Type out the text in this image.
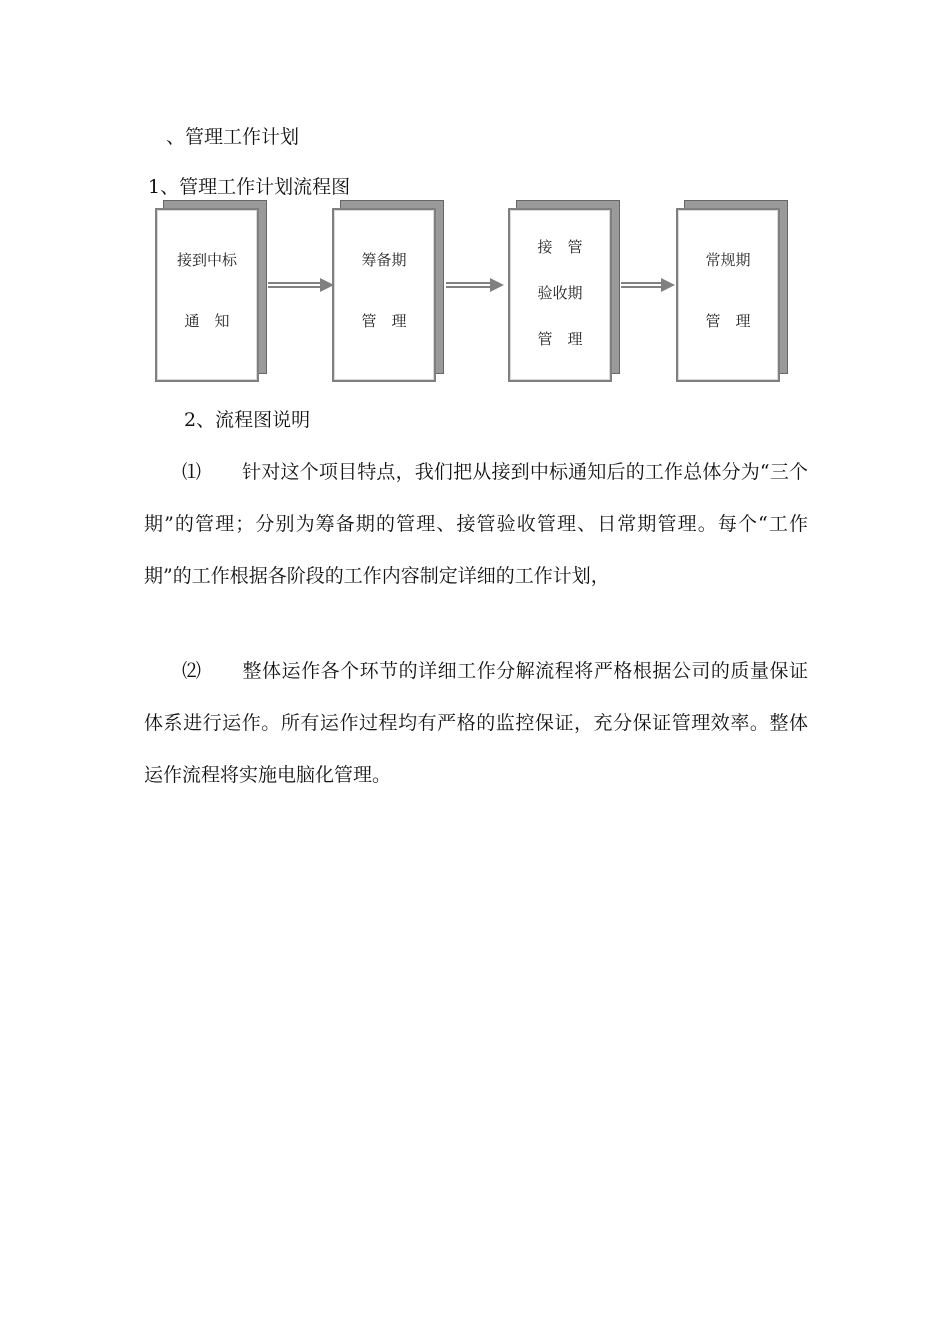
、管理工作计划
1、管理工作计划流程图
接到中标
通　知
筹备期
管　理
接　管
验收期
管　理
常规期
管　理
2、流程图说明

⑴ 针对这个项目特点，我们把从接到中标通知后的工作总体分为“三个期”的管理；分别为筹备期的管理、接管验收管理、日常期管理。每个“工作期”的工作根据各阶段的工作内容制定详细的工作计划，

⑵ 整体运作各个环节的详细工作分解流程将严格根据公司的质量保证体系进行运作。所有运作过程均有严格的监控保证，充分保证管理效率。整体运作流程将实施电脑化管理。
